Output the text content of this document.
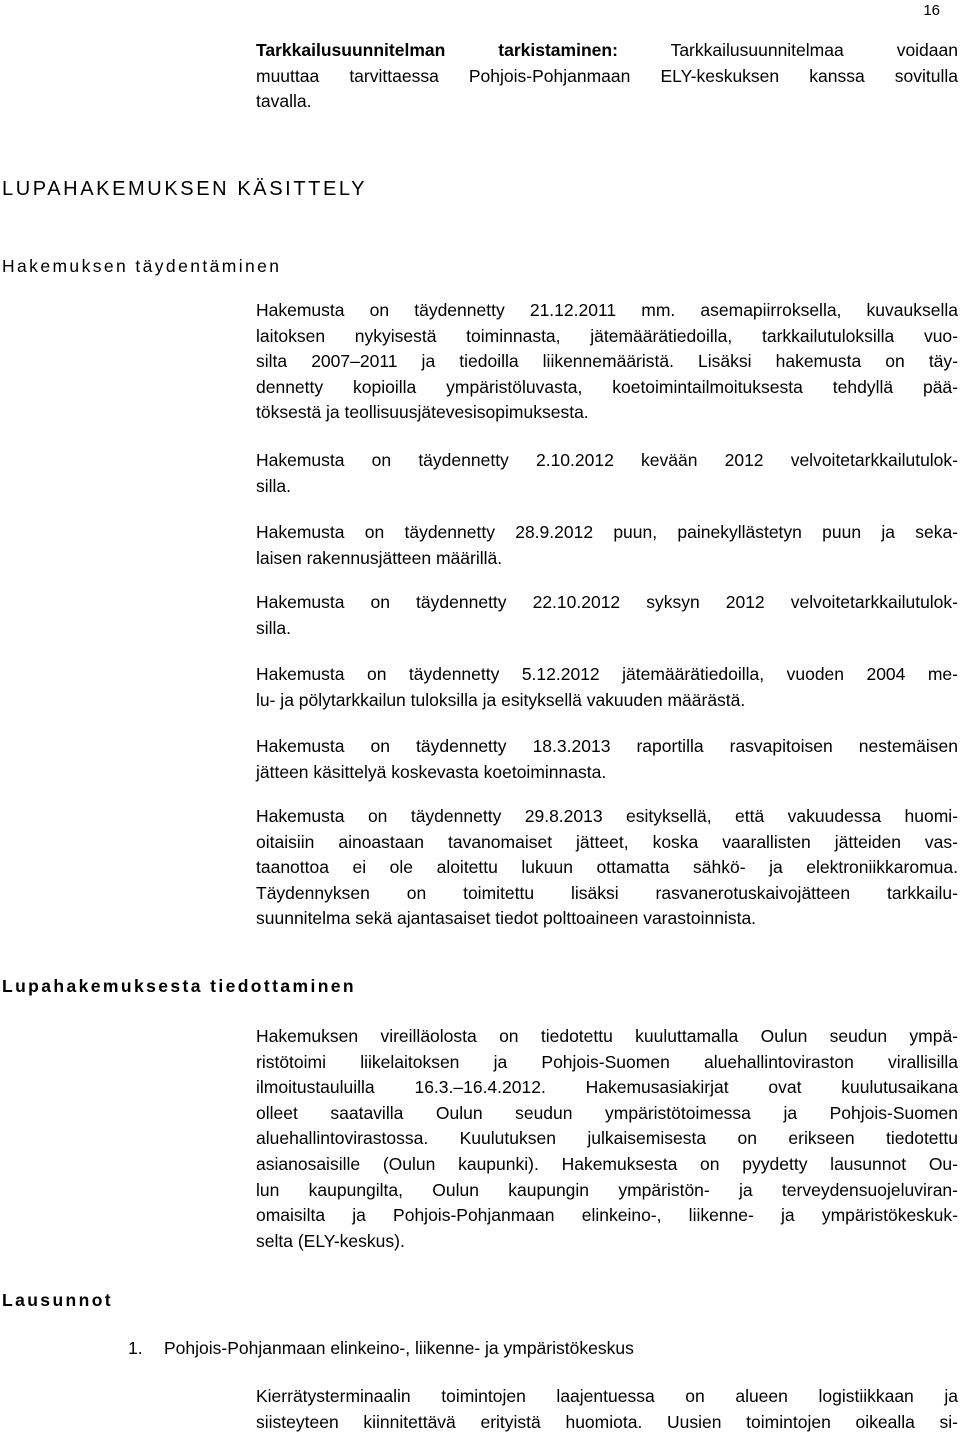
16
Tarkkailusuunnitelman tarkistaminen: Tarkkailusuunnitelmaa voidaan
muuttaa tarvittaessa Pohjois-Pohjanmaan ELY-keskuksen kanssa sovitulla
tavalla.
LUPAHAKEMUKSEN KÄSITTELY
Hakemuksen täydentäminen
Hakemusta on täydennetty 21.12.2011 mm. asemapiirroksella, kuvauksella
laitoksen nykyisestä toiminnasta, jätemäärätiedoilla, tarkkailutuloksilla vuo-
silta 2007–2011 ja tiedoilla liikennemääristä. Lisäksi hakemusta on täy-
dennetty kopioilla ympäristöluvasta, koetoimintailmoituksesta tehdyllä pää-
töksestä ja teollisuusjätevesisopimuksesta.
Hakemusta on täydennetty 2.10.2012 kevään 2012 velvoitetarkkailutulok-
silla.
Hakemusta on täydennetty 28.9.2012 puun, painekyllästetyn puun ja seka-
laisen rakennusjätteen määrillä.
Hakemusta on täydennetty 22.10.2012 syksyn 2012 velvoitetarkkailutulok-
silla.
Hakemusta on täydennetty 5.12.2012 jätemäärätiedoilla, vuoden 2004 me-
lu- ja pölytarkkailun tuloksilla ja esityksellä vakuuden määrästä.
Hakemusta on täydennetty 18.3.2013 raportilla rasvapitoisen nestemäisen
jätteen käsittelyä koskevasta koetoiminnasta.
Hakemusta on täydennetty 29.8.2013 esityksellä, että vakuudessa huomi-
oitaisiin ainoastaan tavanomaiset jätteet, koska vaarallisten jätteiden vas-
taanottoa ei ole aloitettu lukuun ottamatta sähkö- ja elektroniikkaromua.
Täydennyksen on toimitettu lisäksi rasvanerotuskaivojätteen tarkkailu-
suunnitelma sekä ajantasaiset tiedot polttoaineen varastoinnista.
Lupahakemuksesta tiedottaminen
Hakemuksen vireilläolosta on tiedotettu kuuluttamalla Oulun seudun ympä-
ristötoimi liikelaitoksen ja Pohjois-Suomen aluehallintoviraston virallisilla
ilmoitustauluilla 16.3.–16.4.2012. Hakemusasiakirjat ovat kuulutusaikana
olleet saatavilla Oulun seudun ympäristötoimessa ja Pohjois-Suomen
aluehallintovirastossa. Kuulutuksen julkaisemisesta on erikseen tiedotettu
asianosaisille (Oulun kaupunki). Hakemuksesta on pyydetty lausunnot Ou-
lun kaupungilta, Oulun kaupungin ympäristön- ja terveydensuojeluviran-
omaisilta ja Pohjois-Pohjanmaan elinkeino-, liikenne- ja ympäristökeskuk-
selta (ELY-keskus).
Lausunnot
1. Pohjois-Pohjanmaan elinkeino-, liikenne- ja ympäristökeskus
Kierrätysterminaalin toimintojen laajentuessa on alueen logistiikkaan ja
siisteyteen kiinnitettävä erityistä huomiota. Uusien toimintojen oikealla si-
